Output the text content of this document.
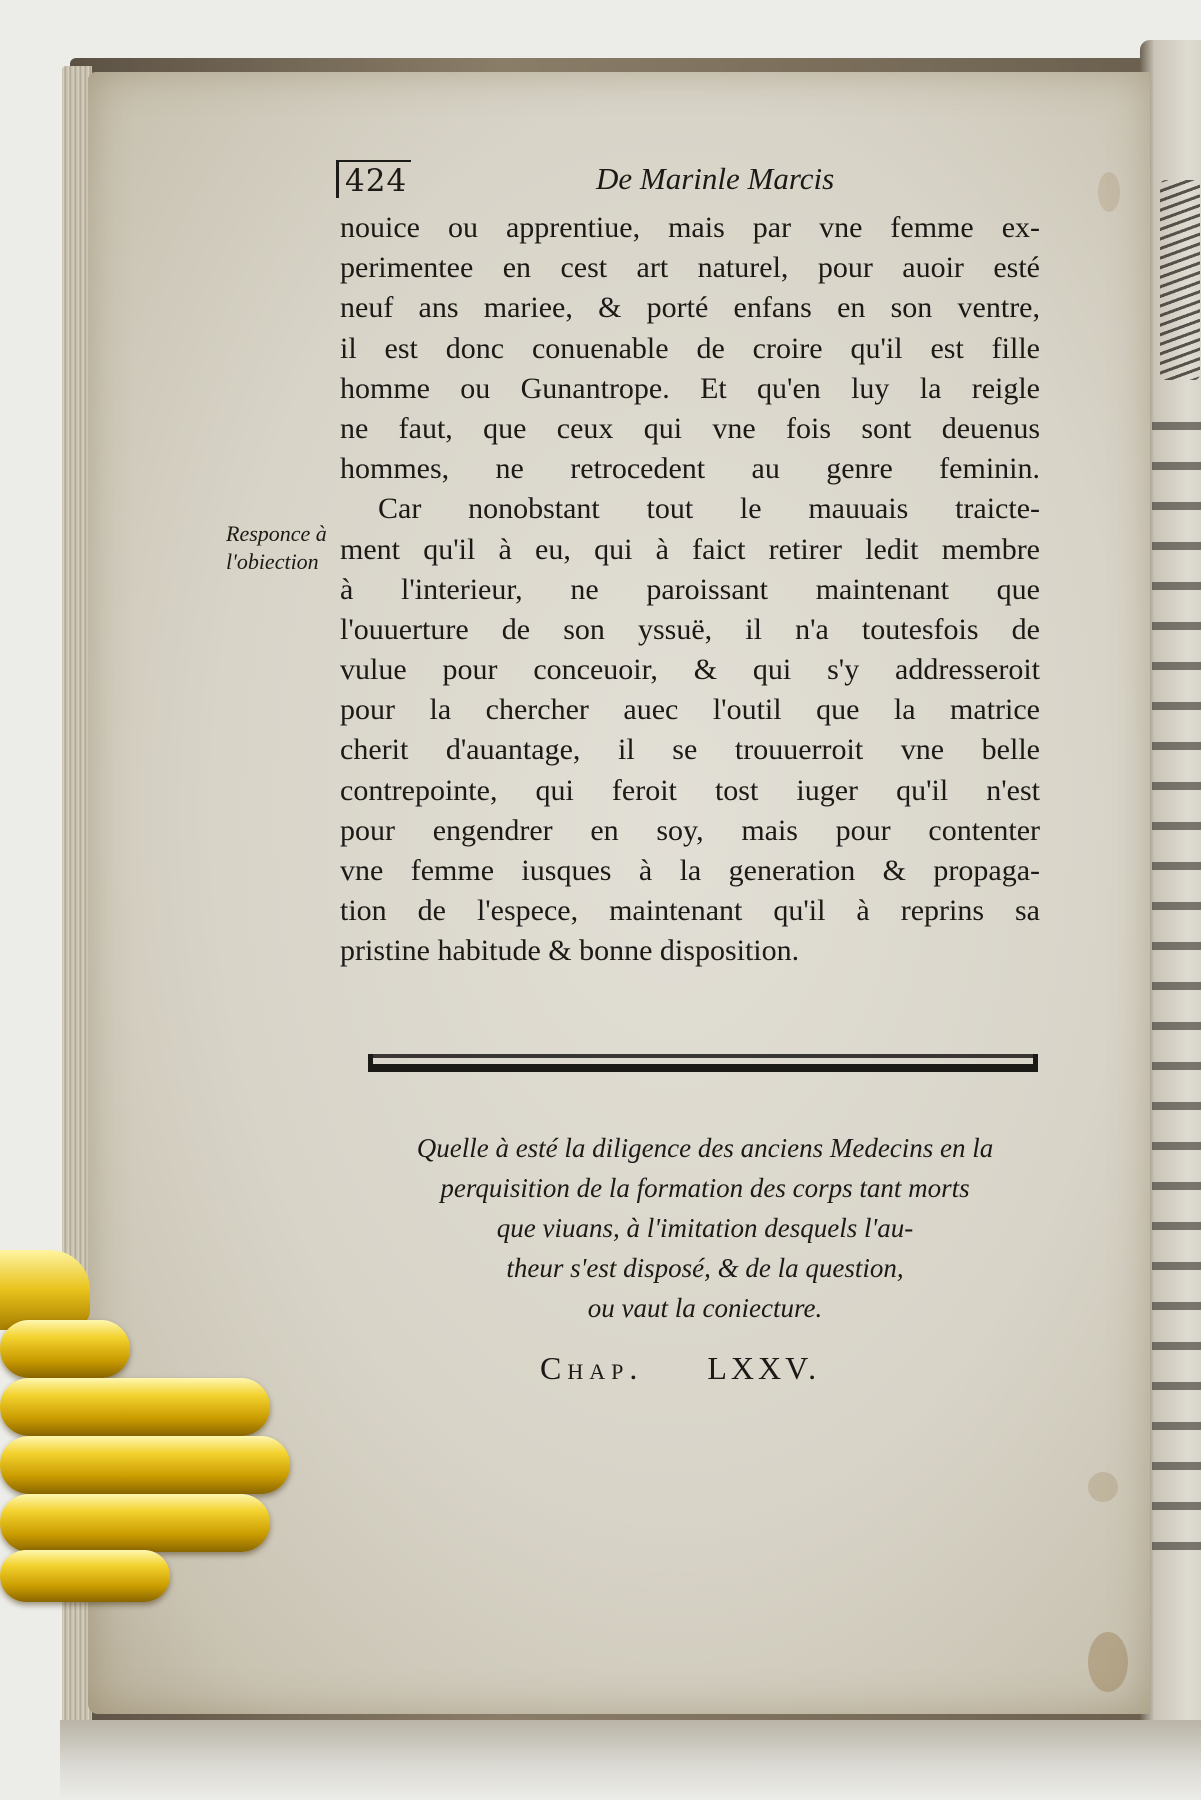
424	De Marinle Marcis
Responce à
l'obiection
nouice ou apprentiue, mais par vne femme ex-
perimentee en cest art naturel, pour auoir esté
neuf ans mariee, & porté enfans en son ventre,
il est donc conuenable de croire qu'il est fille
homme ou Gunantrope. Et qu'en luy la reigle
ne faut, que ceux qui vne fois sont deuenus
hommes, ne retrocedent au genre feminin.
Car nonobstant tout le mauuais traicte-
ment qu'il à eu, qui à faict retirer ledit membre
à l'interieur, ne paroissant maintenant que
l'ouuerture de son yssuë, il n'a toutesfois de
vulue pour conceuoir, & qui s'y addresseroit
pour la chercher auec l'outil que la matrice
cherit d'auantage, il se trouuerroit vne belle
contrepointe, qui feroit tost iuger qu'il n'est
pour engendrer en soy, mais pour contenter
vne femme iusques à la generation & propaga-
tion de l'espece, maintenant qu'il à reprins sa
pristine habitude & bonne disposition.
Quelle à esté la diligence des anciens Medecins en la
perquisition de la formation des corps tant morts
que viuans, à l'imitation desquels l'au-
theur s'est disposé, & de la question,
ou vaut la coniecture.
Chap. LXXV.
